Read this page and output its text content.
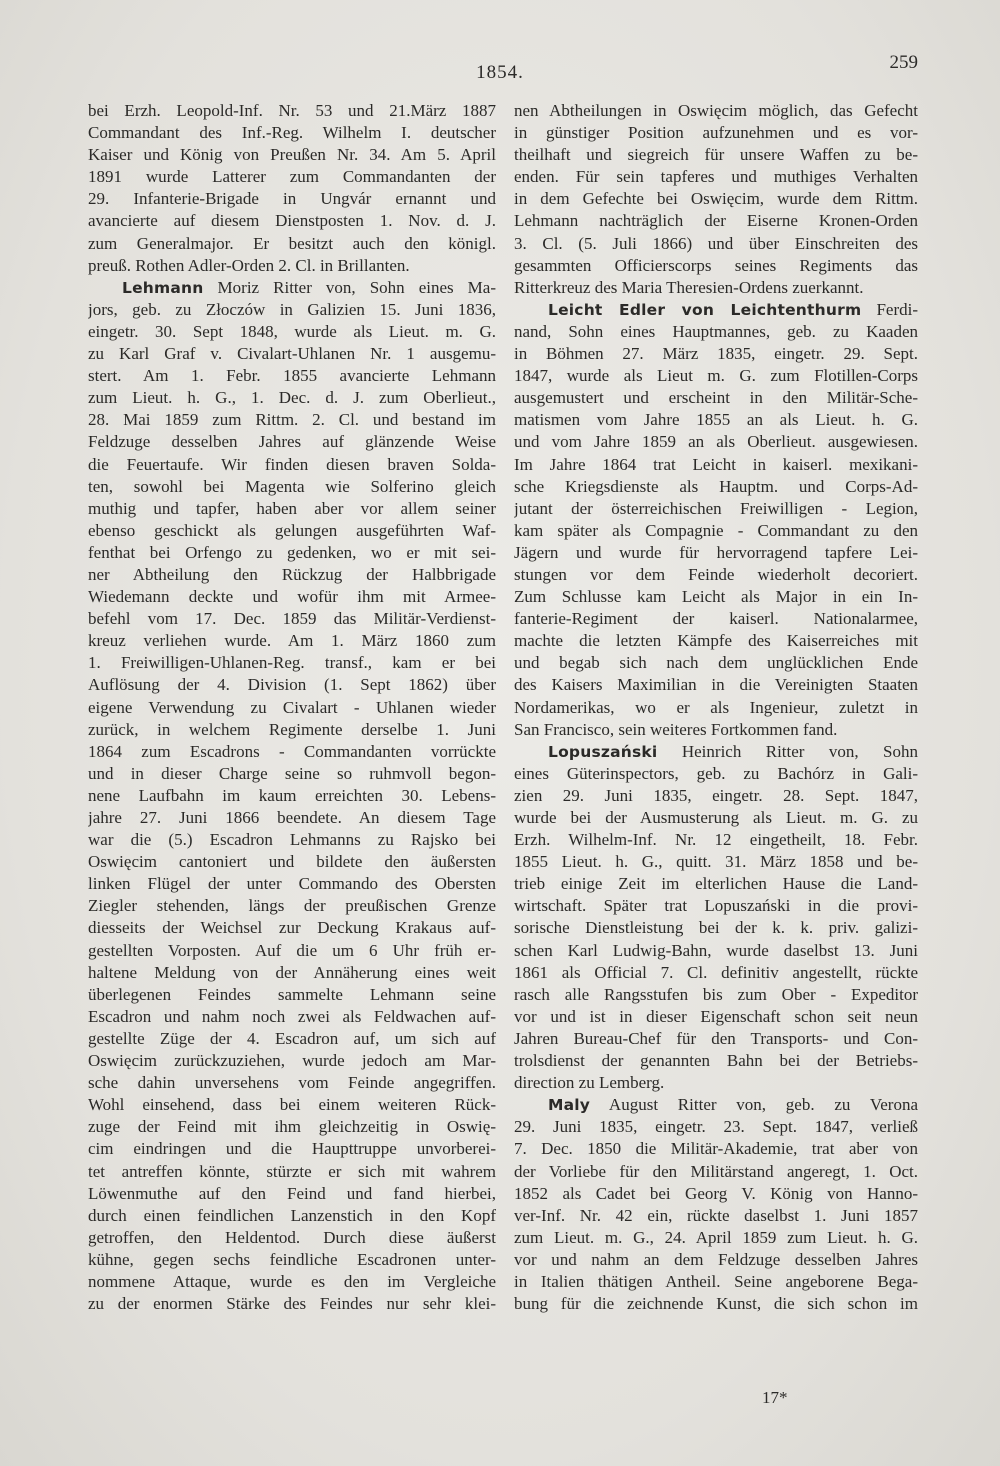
1854.	259
bei Erzh. Leopold-Inf. Nr. 53 und 21.März 1887
Commandant des Inf.-Reg. Wilhelm I. deutscher
Kaiser und König von Preußen Nr. 34. Am 5. April
1891 wurde Latterer zum Commandanten der
29. Infanterie-Brigade in Ungvár ernannt und
avancierte auf diesem Dienstposten 1. Nov. d. J.
zum Generalmajor. Er besitzt auch den königl.
preuß. Rothen Adler-Orden 2. Cl. in Brillanten.
Lehmann Moriz Ritter von, Sohn eines Ma-
jors, geb. zu Złoczów in Galizien 15. Juni 1836,
eingetr. 30. Sept 1848, wurde als Lieut. m. G.
zu Karl Graf v. Civalart-Uhlanen Nr. 1 ausgemu-
stert. Am 1. Febr. 1855 avancierte Lehmann
zum Lieut. h. G., 1. Dec. d. J. zum Oberlieut.,
28. Mai 1859 zum Rittm. 2. Cl. und bestand im
Feldzuge desselben Jahres auf glänzende Weise
die Feuertaufe. Wir finden diesen braven Solda-
ten, sowohl bei Magenta wie Solferino gleich
muthig und tapfer, haben aber vor allem seiner
ebenso geschickt als gelungen ausgeführten Waf-
fenthat bei Orfengo zu gedenken, wo er mit sei-
ner Abtheilung den Rückzug der Halbbrigade
Wiedemann deckte und wofür ihm mit Armee-
befehl vom 17. Dec. 1859 das Militär-Verdienst-
kreuz verliehen wurde. Am 1. März 1860 zum
1. Freiwilligen-Uhlanen-Reg. transf., kam er bei
Auflösung der 4. Division (1. Sept 1862) über
eigene Verwendung zu Civalart - Uhlanen wieder
zurück, in welchem Regimente derselbe 1. Juni
1864 zum Escadrons - Commandanten vorrückte
und in dieser Charge seine so ruhmvoll begon-
nene Laufbahn im kaum erreichten 30. Lebens-
jahre 27. Juni 1866 beendete. An diesem Tage
war die (5.) Escadron Lehmanns zu Rajsko bei
Oswięcim cantoniert und bildete den äußersten
linken Flügel der unter Commando des Obersten
Ziegler stehenden, längs der preußischen Grenze
diesseits der Weichsel zur Deckung Krakaus auf-
gestellten Vorposten. Auf die um 6 Uhr früh er-
haltene Meldung von der Annäherung eines weit
überlegenen Feindes sammelte Lehmann seine
Escadron und nahm noch zwei als Feldwachen auf-
gestellte Züge der 4. Escadron auf, um sich auf
Oswięcim zurückzuziehen, wurde jedoch am Mar-
sche dahin unversehens vom Feinde angegriffen.
Wohl einsehend, dass bei einem weiteren Rück-
zuge der Feind mit ihm gleichzeitig in Oswię-
cim eindringen und die Haupttruppe unvorberei-
tet antreffen könnte, stürzte er sich mit wahrem
Löwenmuthe auf den Feind und fand hierbei,
durch einen feindlichen Lanzenstich in den Kopf
getroffen, den Heldentod. Durch diese äußerst
kühne, gegen sechs feindliche Escadronen unter-
nommene Attaque, wurde es den im Vergleiche
zu der enormen Stärke des Feindes nur sehr klei-
nen Abtheilungen in Oswięcim möglich, das Gefecht
in günstiger Position aufzunehmen und es vor-
theilhaft und siegreich für unsere Waffen zu be-
enden. Für sein tapferes und muthiges Verhalten
in dem Gefechte bei Oswięcim, wurde dem Rittm.
Lehmann nachträglich der Eiserne Kronen-Orden
3. Cl. (5. Juli 1866) und über Einschreiten des
gesammten Officierscorps seines Regiments das
Ritterkreuz des Maria Theresien-Ordens zuerkannt.
Leicht Edler von Leichtenthurm Ferdi-
nand, Sohn eines Hauptmannes, geb. zu Kaaden
in Böhmen 27. März 1835, eingetr. 29. Sept.
1847, wurde als Lieut m. G. zum Flotillen-Corps
ausgemustert und erscheint in den Militär-Sche-
matismen vom Jahre 1855 an als Lieut. h. G.
und vom Jahre 1859 an als Oberlieut. ausgewiesen.
Im Jahre 1864 trat Leicht in kaiserl. mexikani-
sche Kriegsdienste als Hauptm. und Corps-Ad-
jutant der österreichischen Freiwilligen - Legion,
kam später als Compagnie - Commandant zu den
Jägern und wurde für hervorragend tapfere Lei-
stungen vor dem Feinde wiederholt decoriert.
Zum Schlusse kam Leicht als Major in ein In-
fanterie-Regiment der kaiserl. Nationalarmee,
machte die letzten Kämpfe des Kaiserreiches mit
und begab sich nach dem unglücklichen Ende
des Kaisers Maximilian in die Vereinigten Staaten
Nordamerikas, wo er als Ingenieur, zuletzt in
San Francisco, sein weiteres Fortkommen fand.
Lopuszański Heinrich Ritter von, Sohn
eines Güterinspectors, geb. zu Bachórz in Gali-
zien 29. Juni 1835, eingetr. 28. Sept. 1847,
wurde bei der Ausmusterung als Lieut. m. G. zu
Erzh. Wilhelm-Inf. Nr. 12 eingetheilt, 18. Febr.
1855 Lieut. h. G., quitt. 31. März 1858 und be-
trieb einige Zeit im elterlichen Hause die Land-
wirtschaft. Später trat Lopuszański in die provi-
sorische Dienstleistung bei der k. k. priv. galizi-
schen Karl Ludwig-Bahn, wurde daselbst 13. Juni
1861 als Official 7. Cl. definitiv angestellt, rückte
rasch alle Rangsstufen bis zum Ober - Expeditor
vor und ist in dieser Eigenschaft schon seit neun
Jahren Bureau-Chef für den Transports- und Con-
trolsdienst der genannten Bahn bei der Betriebs-
direction zu Lemberg.
Maly August Ritter von, geb. zu Verona
29. Juni 1835, eingetr. 23. Sept. 1847, verließ
7. Dec. 1850 die Militär-Akademie, trat aber von
der Vorliebe für den Militärstand angeregt, 1. Oct.
1852 als Cadet bei Georg V. König von Hanno-
ver-Inf. Nr. 42 ein, rückte daselbst 1. Juni 1857
zum Lieut. m. G., 24. April 1859 zum Lieut. h. G.
vor und nahm an dem Feldzuge desselben Jahres
in Italien thätigen Antheil. Seine angeborene Bega-
bung für die zeichnende Kunst, die sich schon im
17*
